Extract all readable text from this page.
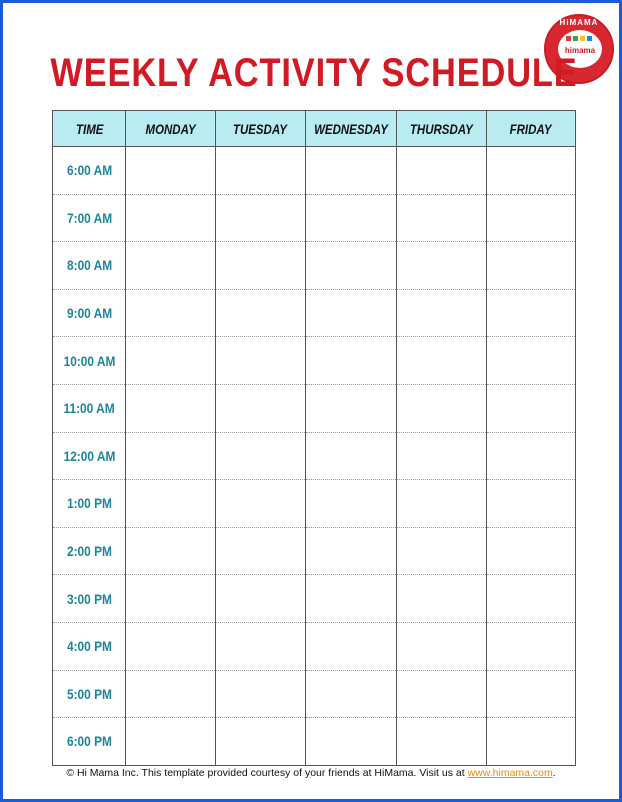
HiMAMA
himama
WEEKLY ACTIVITY SCHEDULE
TIME	MONDAY	TUESDAY	WEDNESDAY	THURSDAY	FRIDAY
6:00 AM					
7:00 AM					
8:00 AM					
9:00 AM					
10:00 AM					
11:00 AM					
12:00 AM					
1:00 PM					
2:00 PM					
3:00 PM					
4:00 PM					
5:00 PM					
6:00 PM					
© Hi Mama Inc. This template provided courtesy of your friends at HiMama. Visit us at www.himama.com.
